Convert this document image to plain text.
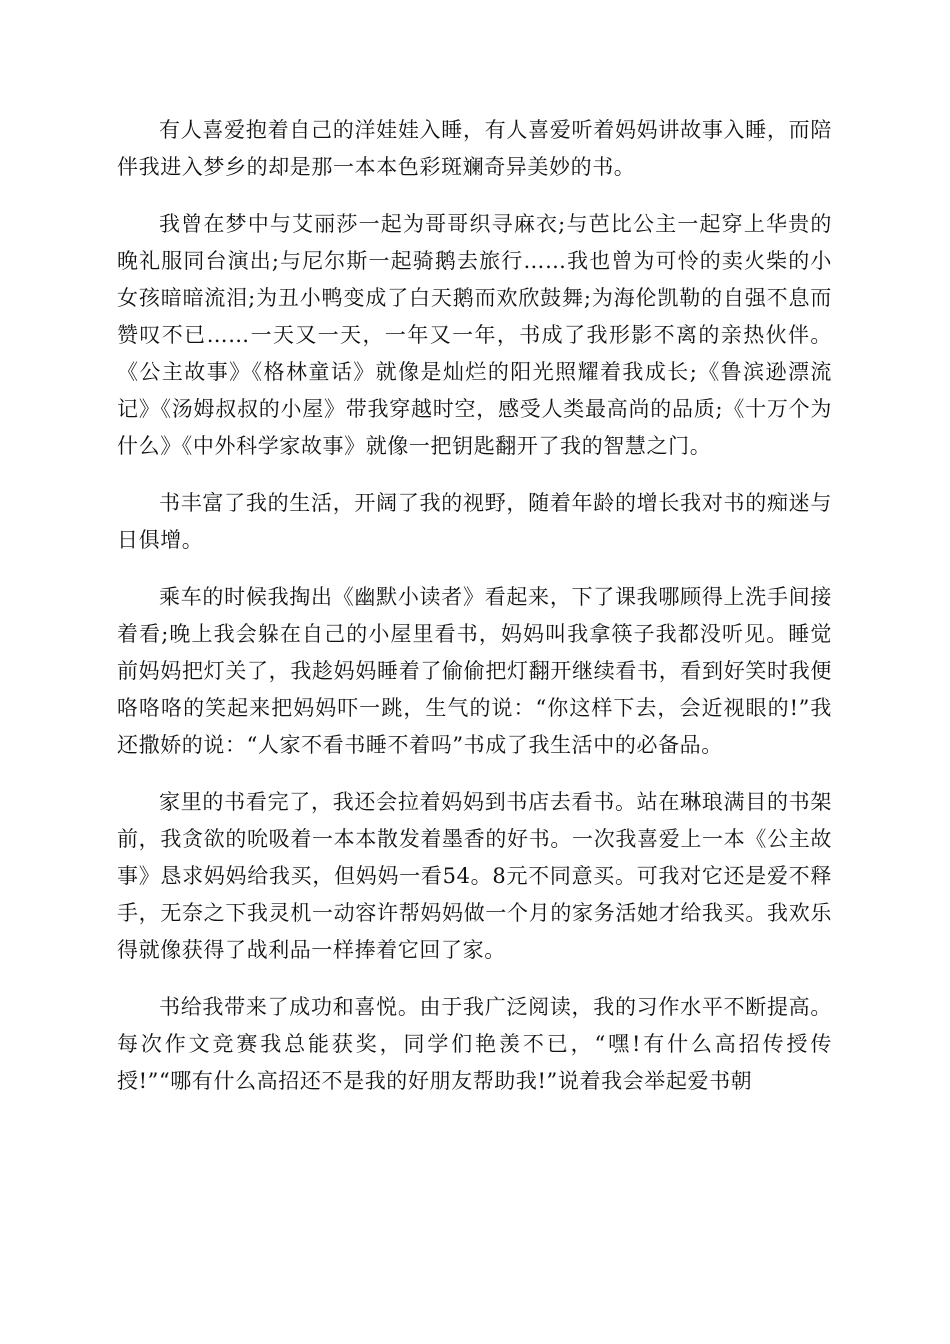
有人喜爱抱着自己的洋娃娃入睡，有人喜爱听着妈妈讲故事入睡，而陪伴我进入梦乡的却是那一本本色彩斑斓奇异美妙的书。

我曾在梦中与艾丽莎一起为哥哥织寻麻衣;与芭比公主一起穿上华贵的晚礼服同台演出;与尼尔斯一起骑鹅去旅行……我也曾为可怜的卖火柴的小女孩暗暗流泪;为丑小鸭变成了白天鹅而欢欣鼓舞;为海伦凯勒的自强不息而赞叹不已……一天又一天，一年又一年，书成了我形影不离的亲热伙伴。《公主故事》《格林童话》就像是灿烂的阳光照耀着我成长;《鲁滨逊漂流记》《汤姆叔叔的小屋》带我穿越时空，感受人类最高尚的品质;《十万个为什么》《中外科学家故事》就像一把钥匙翻开了我的智慧之门。

书丰富了我的生活，开阔了我的视野，随着年龄的增长我对书的痴迷与日俱增。

乘车的时候我掏出《幽默小读者》看起来，下了课我哪顾得上洗手间接着看;晚上我会躲在自己的小屋里看书，妈妈叫我拿筷子我都没听见。睡觉前妈妈把灯关了，我趁妈妈睡着了偷偷把灯翻开继续看书，看到好笑时我便咯咯咯的笑起来把妈妈吓一跳，生气的说：“你这样下去，会近视眼的!”我还撒娇的说：“人家不看书睡不着吗”书成了我生活中的必备品。

家里的书看完了，我还会拉着妈妈到书店去看书。站在琳琅满目的书架前，我贪欲的吮吸着一本本散发着墨香的好书。一次我喜爱上一本《公主故事》恳求妈妈给我买，但妈妈一看54。8元不同意买。可我对它还是爱不释手，无奈之下我灵机一动容许帮妈妈做一个月的家务活她才给我买。我欢乐得就像获得了战利品一样捧着它回了家。

书给我带来了成功和喜悦。由于我广泛阅读，我的习作水平不断提高。每次作文竞赛我总能获奖，同学们艳羡不已，“嘿!有什么高招传授传授!”“哪有什么高招还不是我的好朋友帮助我!”说着我会举起爱书朝
